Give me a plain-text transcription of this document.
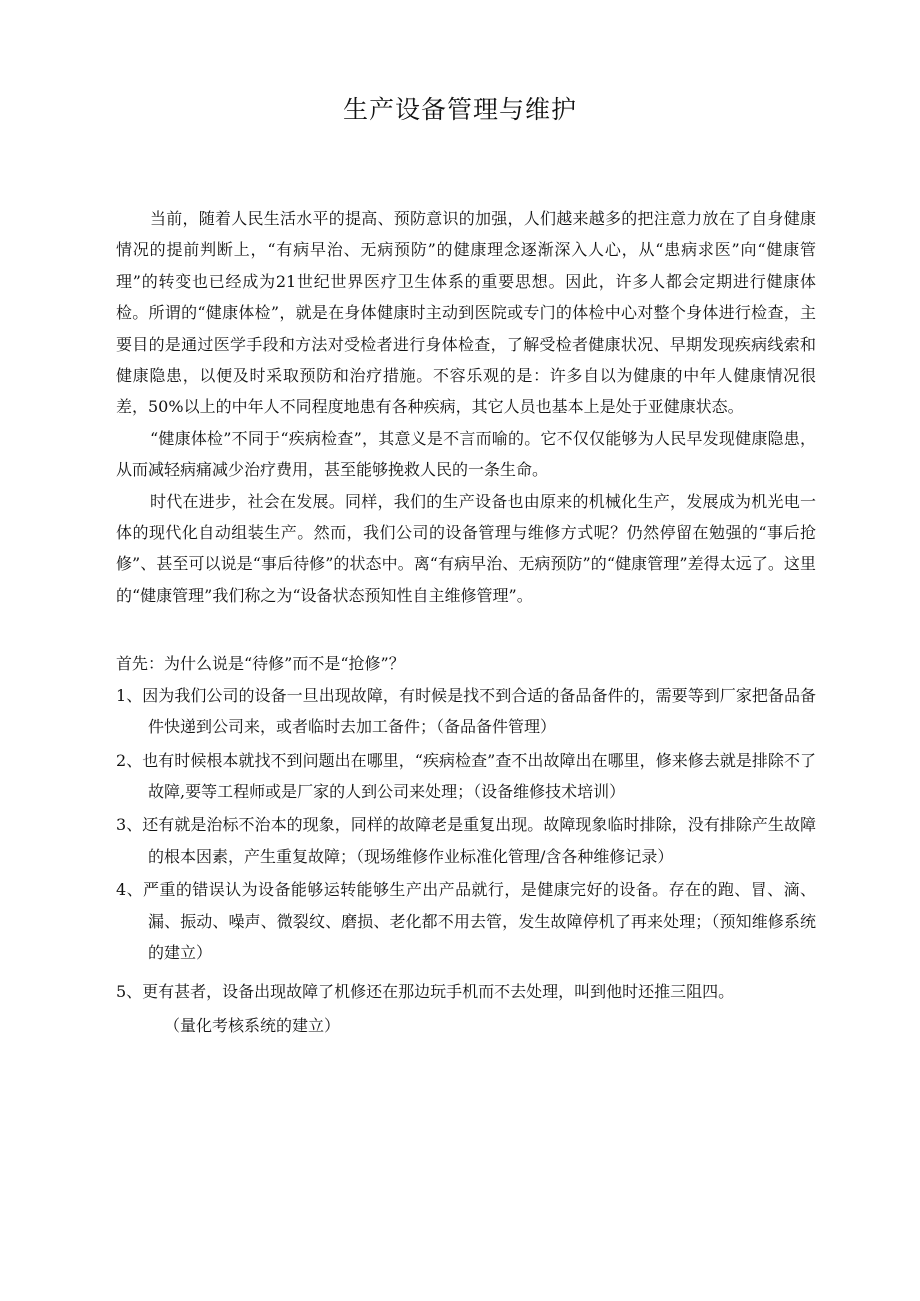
生产设备管理与维护

当前，随着人民生活水平的提高、预防意识的加强，人们越来越多的把注意力放在了自身健康情况的提前判断上，“有病早治、无病预防”的健康理念逐渐深入人心，从“患病求医”向“健康管理”的转变也已经成为21世纪世界医疗卫生体系的重要思想。因此，许多人都会定期进行健康体检。所谓的“健康体检”，就是在身体健康时主动到医院或专门的体检中心对整个身体进行检查，主要目的是通过医学手段和方法对受检者进行身体检查，了解受检者健康状况、早期发现疾病线索和健康隐患，以便及时采取预防和治疗措施。不容乐观的是：许多自以为健康的中年人健康情况很差，50%以上的中年人不同程度地患有各种疾病，其它人员也基本上是处于亚健康状态。

“健康体检”不同于“疾病检查”，其意义是不言而喻的。它不仅仅能够为人民早发现健康隐患，从而减轻病痛减少治疗费用，甚至能够挽救人民的一条生命。

时代在进步，社会在发展。同样，我们的生产设备也由原来的机械化生产，发展成为机光电一体的现代化自动组装生产。然而，我们公司的设备管理与维修方式呢？仍然停留在勉强的“事后抢修”、甚至可以说是“事后待修”的状态中。离“有病早治、无病预防”的“健康管理”差得太远了。这里的“健康管理”我们称之为“设备状态预知性自主维修管理”。

首先：为什么说是“待修”而不是“抢修”？

1、因为我们公司的设备一旦出现故障，有时候是找不到合适的备品备件的，需要等到厂家把备品备件快递到公司来，或者临时去加工备件；（备品备件管理）

2、也有时候根本就找不到问题出在哪里，“疾病检查”查不出故障出在哪里，修来修去就是排除不了故障,要等工程师或是厂家的人到公司来处理；（设备维修技术培训）

3、还有就是治标不治本的现象，同样的故障老是重复出现。故障现象临时排除，没有排除产生故障的根本因素，产生重复故障；（现场维修作业标准化管理/含各种维修记录）

4、严重的错误认为设备能够运转能够生产出产品就行，是健康完好的设备。存在的跑、冒、滴、漏、振动、噪声、微裂纹、磨损、老化都不用去管，发生故障停机了再来处理；（预知维修系统的建立）

5、更有甚者，设备出现故障了机修还在那边玩手机而不去处理，叫到他时还推三阻四。

（量化考核系统的建立）
